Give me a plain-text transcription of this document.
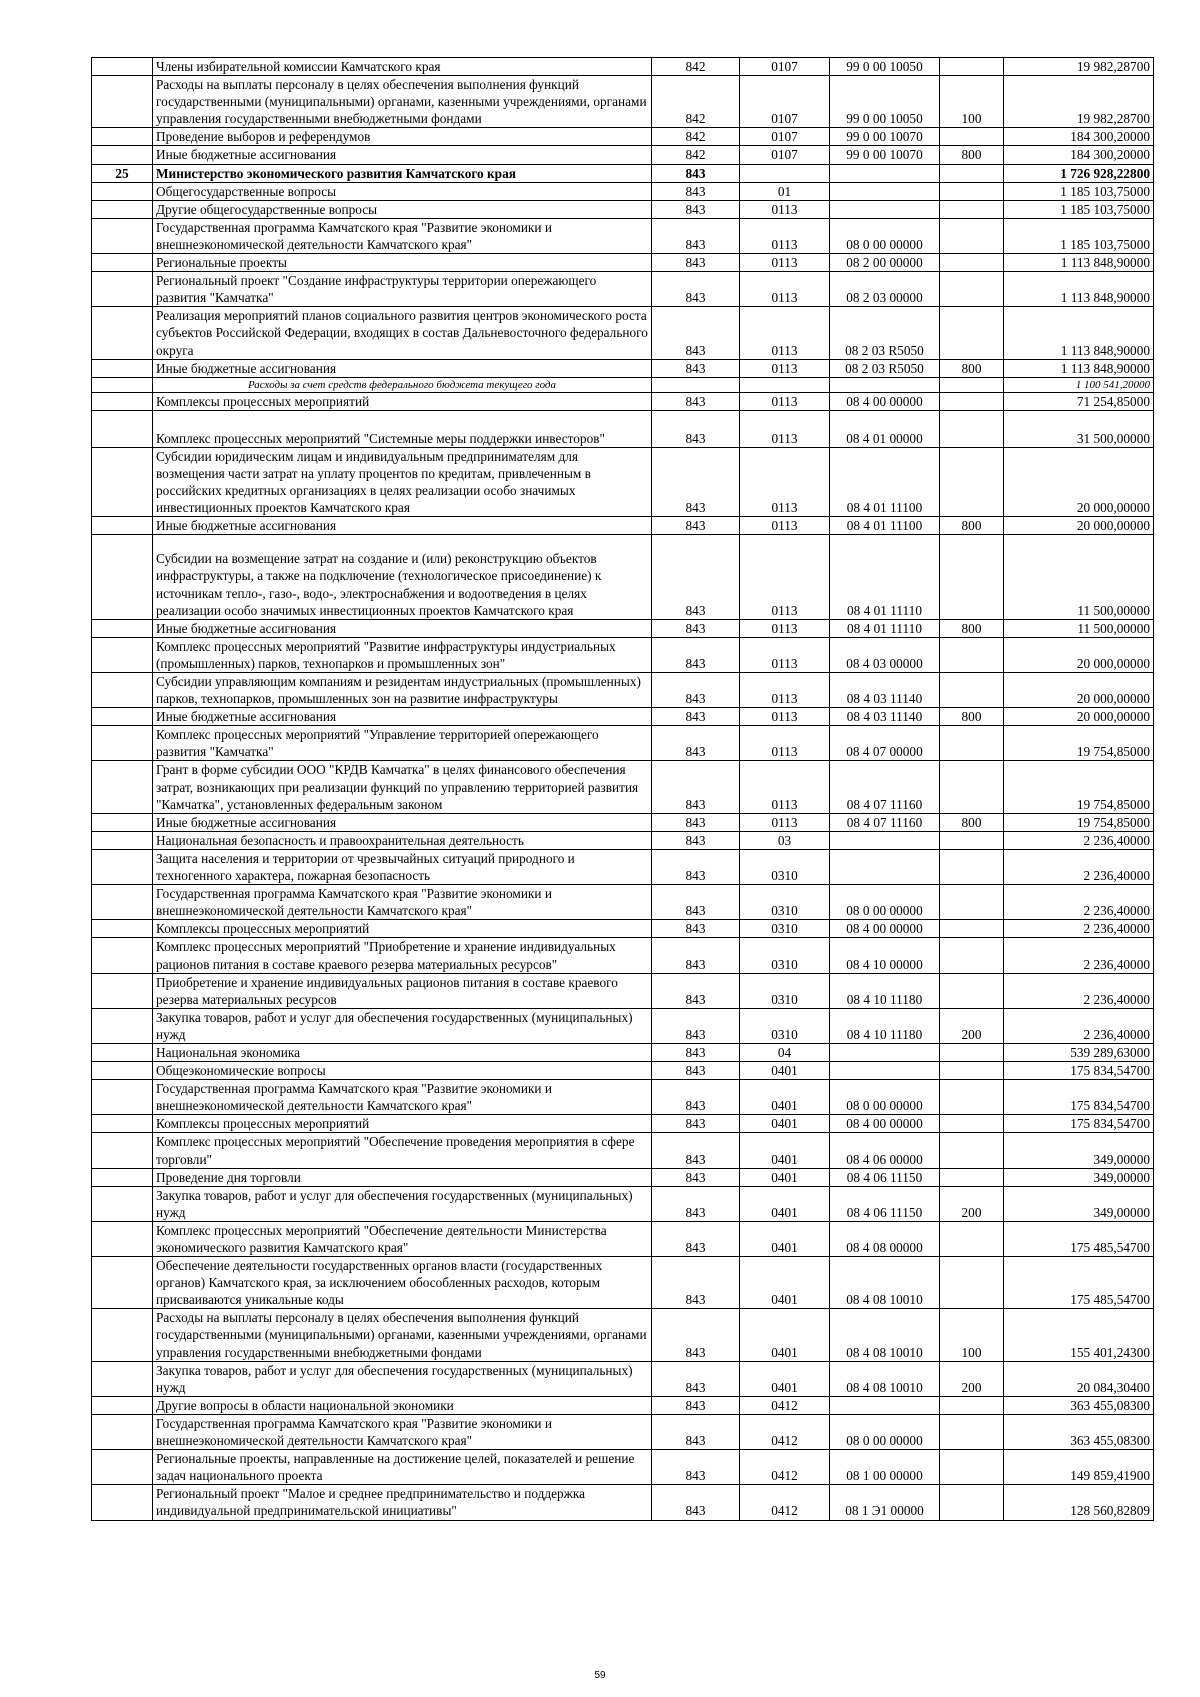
	Члены избирательной комиссии Камчатского края	842	0107	99 0 00 10050		19 982,28700
	Расходы на выплаты персоналу в целях обеспечения выполнения функций государственными (муниципальными) органами, казенными учреждениями, органами управления государственными внебюджетными фондами	842	0107	99 0 00 10050	100	19 982,28700
	Проведение выборов и референдумов	842	0107	99 0 00 10070		184 300,20000
	Иные бюджетные ассигнования	842	0107	99 0 00 10070	800	184 300,20000
25	Министерство экономического развития Камчатского края	843				1 726 928,22800
	Общегосударственные вопросы	843	01			1 185 103,75000
	Другие общегосударственные вопросы	843	0113			1 185 103,75000
	Государственная программа Камчатского края "Развитие экономики и внешнеэкономической деятельности Камчатского края"	843	0113	08 0 00 00000		1 185 103,75000
	Региональные проекты	843	0113	08 2 00 00000		1 113 848,90000
	Региональный проект "Создание инфраструктуры территории опережающего развития "Камчатка"	843	0113	08 2 03 00000		1 113 848,90000
	Реализация мероприятий планов социального развития центров экономического роста субъектов Российской Федерации, входящих в состав Дальневосточного федерального округа	843	0113	08 2 03 R5050		1 113 848,90000
	Иные бюджетные ассигнования	843	0113	08 2 03 R5050	800	1 113 848,90000
	Расходы за счет средств федерального бюджета текущего года					1 100 541,20000
	Комплексы процессных мероприятий	843	0113	08 4 00 00000		71 254,85000
	Комплекс процессных мероприятий "Системные меры поддержки инвесторов"	843	0113	08 4 01 00000		31 500,00000
	Субсидии юридическим лицам и индивидуальным предпринимателям для возмещения части затрат на уплату процентов по кредитам, привлеченным в российских кредитных организациях в целях реализации особо значимых инвестиционных проектов Камчатского края	843	0113	08 4 01 11100		20 000,00000
	Иные бюджетные ассигнования	843	0113	08 4 01 11100	800	20 000,00000
	Субсидии на возмещение затрат на создание и (или) реконструкцию объектов инфраструктуры, а также на подключение (технологическое присоединение) к источникам тепло-, газо-, водо-, электроснабжения и водоотведения в целях реализации особо значимых инвестиционных проектов Камчатского края	843	0113	08 4 01 11110		11 500,00000
	Иные бюджетные ассигнования	843	0113	08 4 01 11110	800	11 500,00000
	Комплекс процессных мероприятий "Развитие инфраструктуры индустриальных (промышленных) парков, технопарков и промышленных зон"	843	0113	08 4 03 00000		20 000,00000
	Субсидии управляющим компаниям и резидентам индустриальных (промышленных) парков, технопарков, промышленных зон на развитие инфраструктуры	843	0113	08 4 03 11140		20 000,00000
	Иные бюджетные ассигнования	843	0113	08 4 03 11140	800	20 000,00000
	Комплекс процессных мероприятий "Управление территорией опережающего развития "Камчатка"	843	0113	08 4 07 00000		19 754,85000
	Грант в форме субсидии ООО "КРДВ Камчатка" в целях финансового обеспечения затрат, возникающих при реализации функций по управлению территорией развития "Камчатка", установленных федеральным законом	843	0113	08 4 07 11160		19 754,85000
	Иные бюджетные ассигнования	843	0113	08 4 07 11160	800	19 754,85000
	Национальная безопасность и правоохранительная деятельность	843	03			2 236,40000
	Защита населения и территории от чрезвычайных ситуаций природного и техногенного характера, пожарная безопасность	843	0310			2 236,40000
	Государственная программа Камчатского края "Развитие экономики и внешнеэкономической деятельности Камчатского края"	843	0310	08 0 00 00000		2 236,40000
	Комплексы процессных мероприятий	843	0310	08 4 00 00000		2 236,40000
	Комплекс процессных мероприятий "Приобретение и хранение индивидуальных рационов питания в составе краевого резерва материальных ресурсов"	843	0310	08 4 10 00000		2 236,40000
	Приобретение и хранение индивидуальных рационов питания в составе краевого резерва материальных ресурсов	843	0310	08 4 10 11180		2 236,40000
	Закупка товаров, работ и услуг для обеспечения государственных (муниципальных) нужд	843	0310	08 4 10 11180	200	2 236,40000
	Национальная экономика	843	04			539 289,63000
	Общеэкономические вопросы	843	0401			175 834,54700
	Государственная программа Камчатского края "Развитие экономики и внешнеэкономической деятельности Камчатского края"	843	0401	08 0 00 00000		175 834,54700
	Комплексы процессных мероприятий	843	0401	08 4 00 00000		175 834,54700
	Комплекс процессных мероприятий "Обеспечение проведения мероприятия в сфере торговли"	843	0401	08 4 06 00000		349,00000
	Проведение дня торговли	843	0401	08 4 06 11150		349,00000
	Закупка товаров, работ и услуг для обеспечения государственных (муниципальных) нужд	843	0401	08 4 06 11150	200	349,00000
	Комплекс процессных мероприятий "Обеспечение деятельности Министерства экономического развития Камчатского края"	843	0401	08 4 08 00000		175 485,54700
	Обеспечение деятельности государственных органов власти (государственных органов) Камчатского края, за исключением обособленных расходов, которым присваиваются уникальные коды	843	0401	08 4 08 10010		175 485,54700
	Расходы на выплаты персоналу в целях обеспечения выполнения функций государственными (муниципальными) органами, казенными учреждениями, органами управления государственными внебюджетными фондами	843	0401	08 4 08 10010	100	155 401,24300
	Закупка товаров, работ и услуг для обеспечения государственных (муниципальных) нужд	843	0401	08 4 08 10010	200	20 084,30400
	Другие вопросы в области национальной экономики	843	0412			363 455,08300
	Государственная программа Камчатского края "Развитие экономики и внешнеэкономической деятельности Камчатского края"	843	0412	08 0 00 00000		363 455,08300
	Региональные проекты, направленные на достижение целей, показателей и решение задач национального проекта	843	0412	08 1 00 00000		149 859,41900
	Региональный проект "Малое и среднее предпринимательство и поддержка индивидуальной предпринимательской инициативы"	843	0412	08 1 Э1 00000		128 560,82809
59
